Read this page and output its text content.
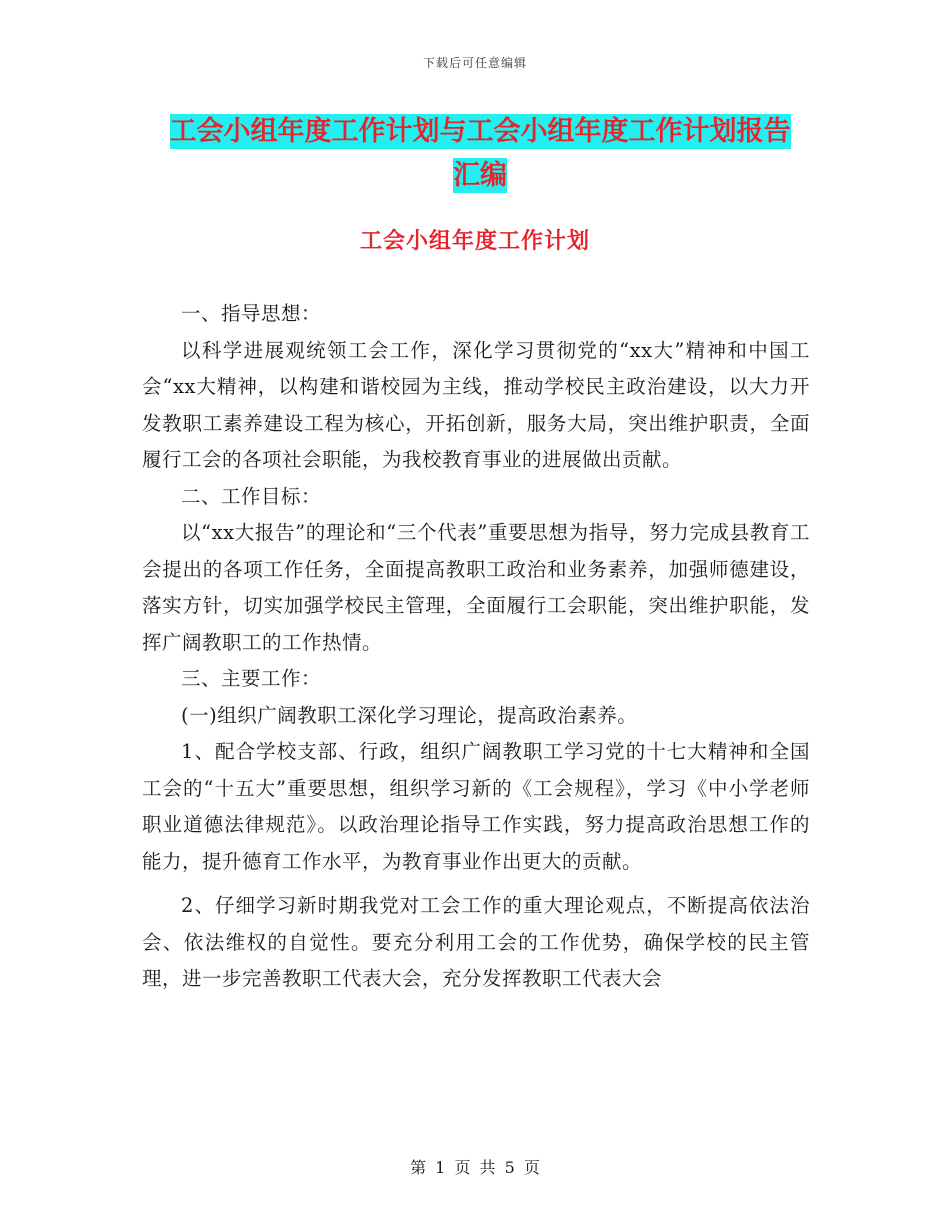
下载后可任意编辑
工会小组年度工作计划与工会小组年度工作计划报告
汇编
工会小组年度工作计划

一、指导思想：

以科学进展观统领工会工作，深化学习贯彻党的“xx大”精神和中国工会“xx大精神，以构建和谐校园为主线，推动学校民主政治建设，以大力开发教职工素养建设工程为核心，开拓创新，服务大局，突出维护职责，全面履行工会的各项社会职能，为我校教育事业的进展做出贡献。

二、工作目标：

以“xx大报告”的理论和“三个代表”重要思想为指导，努力完成县教育工会提出的各项工作任务，全面提高教职工政治和业务素养，加强师德建设，落实方针，切实加强学校民主管理，全面履行工会职能，突出维护职能，发挥广阔教职工的工作热情。

三、主要工作：

(一)组织广阔教职工深化学习理论，提高政治素养。

1、配合学校支部、行政，组织广阔教职工学习党的十七大精神和全国工会的“十五大”重要思想，组织学习新的《工会规程》，学习《中小学老师职业道德法律规范》。以政治理论指导工作实践，努力提高政治思想工作的能力，提升德育工作水平，为教育事业作出更大的贡献。

2、仔细学习新时期我党对工会工作的重大理论观点，不断提高依法治会、依法维权的自觉性。要充分利用工会的工作优势，确保学校的民主管理，进一步完善教职工代表大会，充分发挥教职工代表大会

第 1 页 共 5 页
